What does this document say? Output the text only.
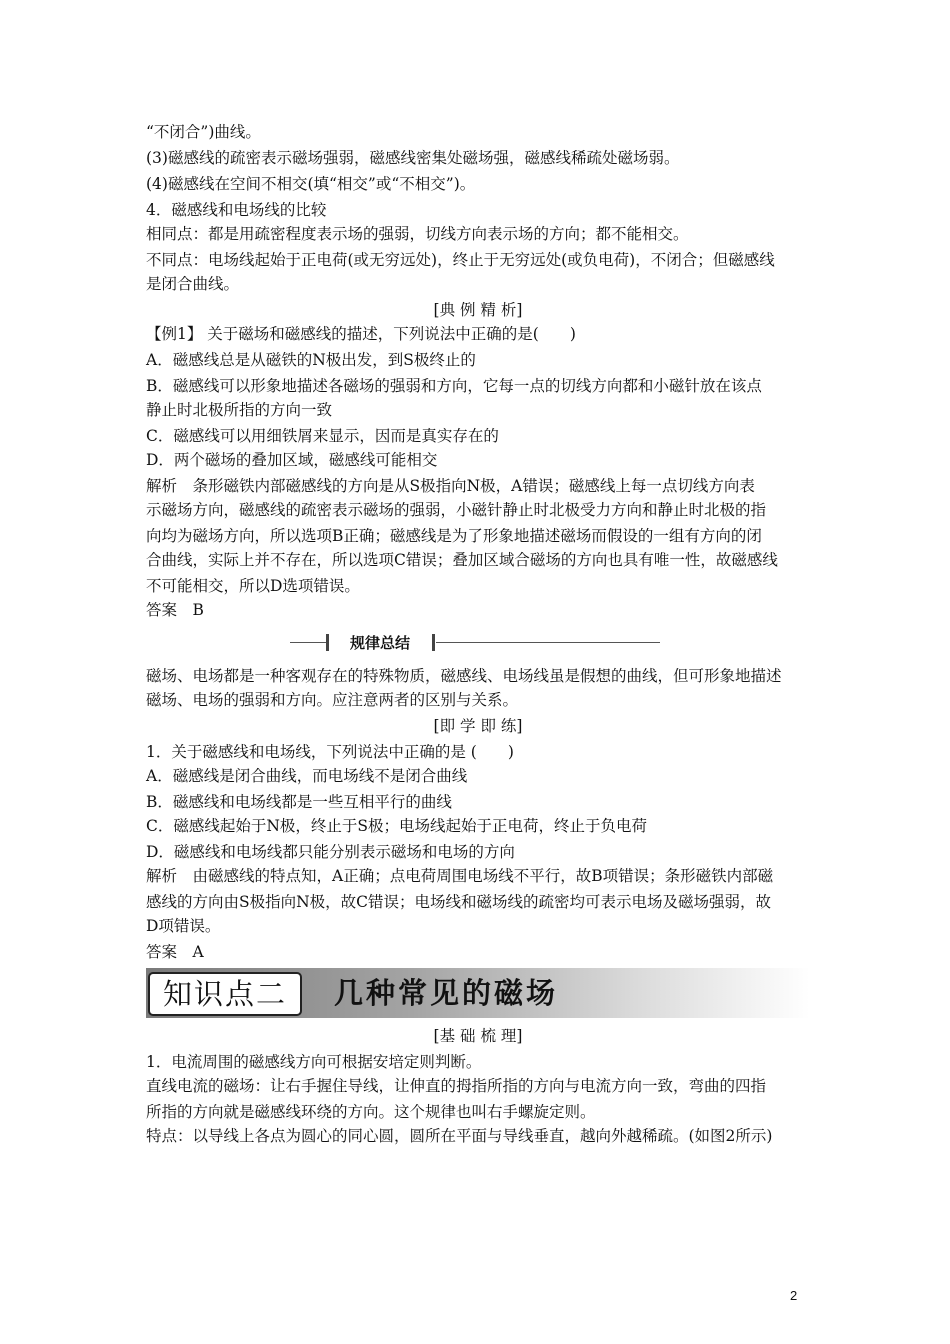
“不闭合”)曲线。
(3)磁感线的疏密表示磁场强弱，磁感线密集处磁场强，磁感线稀疏处磁场弱。
(4)磁感线在空间不相交(填“相交”或“不相交”)。
4．磁感线和电场线的比较
相同点：都是用疏密程度表示场的强弱，切线方向表示场的方向；都不能相交。
不同点：电场线起始于正电荷(或无穷远处)，终止于无穷远处(或负电荷)，不闭合；但磁感线
是闭合曲线。
[典 例 精 析]
【例1】 关于磁场和磁感线的描述，下列说法中正确的是(　　)
A．磁感线总是从磁铁的N极出发，到S极终止的
B．磁感线可以形象地描述各磁场的强弱和方向，它每一点的切线方向都和小磁针放在该点
静止时北极所指的方向一致
C．磁感线可以用细铁屑来显示，因而是真实存在的
D．两个磁场的叠加区域，磁感线可能相交
解析　条形磁铁内部磁感线的方向是从S极指向N极，A错误；磁感线上每一点切线方向表
示磁场方向，磁感线的疏密表示磁场的强弱，小磁针静止时北极受力方向和静止时北极的指
向均为磁场方向，所以选项B正确；磁感线是为了形象地描述磁场而假设的一组有方向的闭
合曲线，实际上并不存在，所以选项C错误；叠加区域合磁场的方向也具有唯一性，故磁感线
不可能相交，所以D选项错误。
答案　B
规律总结
磁场、电场都是一种客观存在的特殊物质，磁感线、电场线虽是假想的曲线，但可形象地描述
磁场、电场的强弱和方向。应注意两者的区别与关系。
[即 学 即 练]
1．关于磁感线和电场线，下列说法中正确的是 (　　)
A．磁感线是闭合曲线，而电场线不是闭合曲线
B．磁感线和电场线都是一些互相平行的曲线
C．磁感线起始于N极，终止于S极；电场线起始于正电荷，终止于负电荷
D．磁感线和电场线都只能分别表示磁场和电场的方向
解析　由磁感线的特点知，A正确；点电荷周围电场线不平行，故B项错误；条形磁铁内部磁
感线的方向由S极指向N极，故C错误；电场线和磁场线的疏密均可表示电场及磁场强弱，故
D项错误。
答案　A
知识点二	几种常见的磁场
[基 础 梳 理]
1．电流周围的磁感线方向可根据安培定则判断。
直线电流的磁场：让右手握住导线，让伸直的拇指所指的方向与电流方向一致，弯曲的四指
所指的方向就是磁感线环绕的方向。这个规律也叫右手螺旋定则。
特点：以导线上各点为圆心的同心圆，圆所在平面与导线垂直，越向外越稀疏。(如图2所示)
2
